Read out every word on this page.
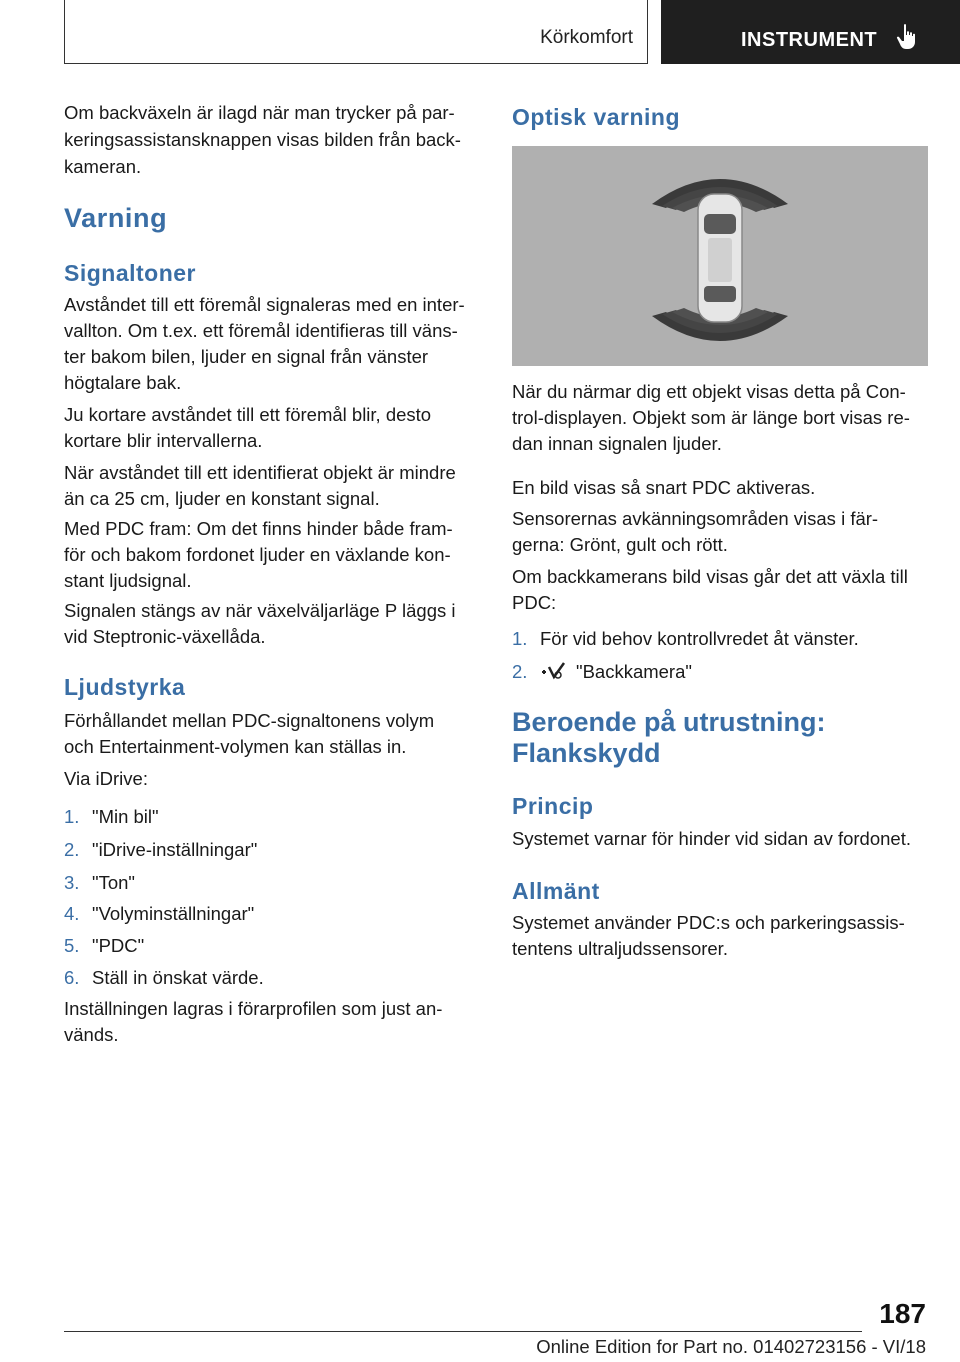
Körkomfort	INSTRUMENT

Om backväxeln är ilagd när man trycker på par‐

keringsassistansknappen visas bilden från back‐

kameran.

Varning
Signaltoner

Avståndet till ett föremål signaleras med en inter‐

vallton. Om t.ex. ett föremål identifieras till väns‐

ter bakom bilen, ljuder en signal från vänster

högtalare bak.

Ju kortare avståndet till ett föremål blir, desto

kortare blir intervallerna.

När avståndet till ett identifierat objekt är mindre

än ca 25 cm, ljuder en konstant signal.

Med PDC fram: Om det finns hinder både fram‐

för och bakom fordonet ljuder en växlande kon‐

stant ljudsignal.

Signalen stängs av när växelväljarläge P läggs i

vid Steptronic-växellåda.

Ljudstyrka

Förhållandet mellan PDC-signaltonens volym

och Entertainment-volymen kan ställas in.

Via iDrive:

1. "Min bil"
2. "iDrive-inställningar"
3. "Ton"
4. "Volyminställningar"
5. "PDC"
6. Ställ in önskat värde.

Inställningen lagras i förarprofilen som just an‐

vänds.

Optisk varning

När du närmar dig ett objekt visas detta på Con‐

trol-displayen. Objekt som är länge bort visas re‐

dan innan signalen ljuder.

En bild visas så snart PDC aktiveras.

Sensorernas avkänningsområden visas i fär‐

gerna: Grönt, gult och rött.

Om backkamerans bild visas går det att växla till

PDC:

1. För vid behov kontrollvredet åt vänster.
2.	"Backkamera"
Beroende på utrustning:
Flankskydd
Princip

Systemet varnar för hinder vid sidan av fordonet.

Allmänt

Systemet använder PDC:s och parkeringsassis‐

tentens ultraljudssensorer.

187
Online Edition for Part no. 01402723156 - VI/18
